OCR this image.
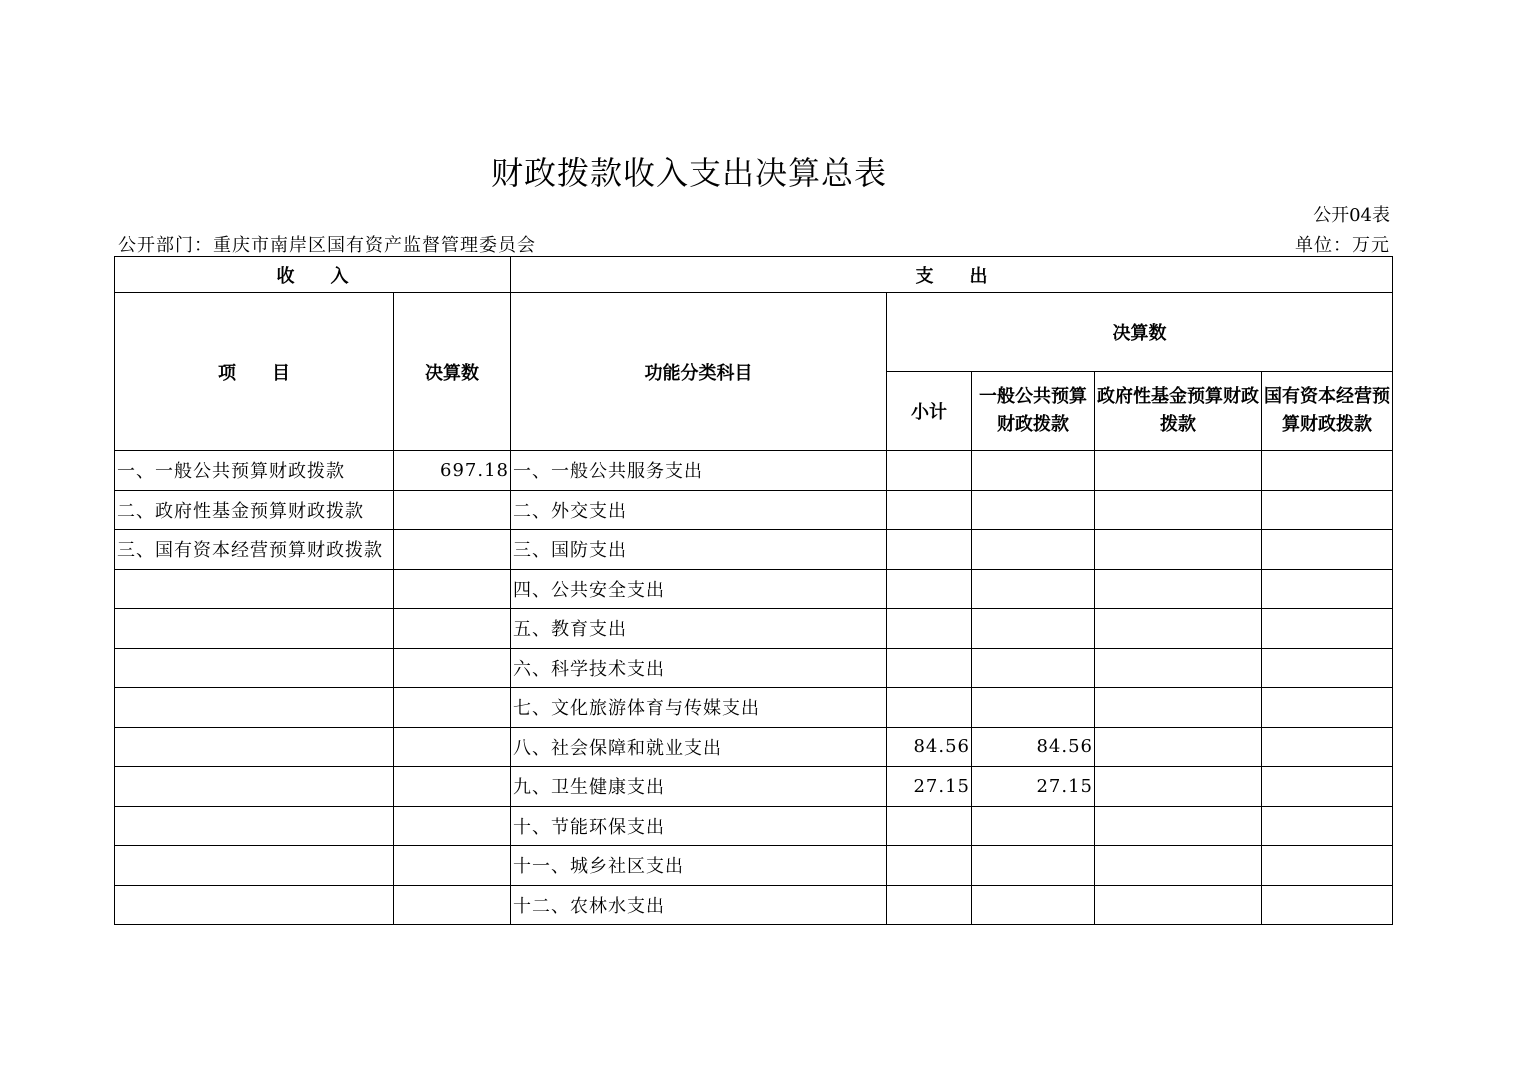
财政拨款收入支出决算总表
公开04表
公开部门：重庆市南岸区国有资产监督管理委员会	单位：万元
收　　入		支　　出				
项　　目	决算数	功能分类科目	决算数			
			小计	一般公共预算财政拨款	政府性基金预算财政拨款	国有资本经营预算财政拨款
一、一般公共预算财政拨款	697.18	一、一般公共服务支出				
二、政府性基金预算财政拨款		二、外交支出				
三、国有资本经营预算财政拨款		三、国防支出				
		四、公共安全支出				
		五、教育支出				
		六、科学技术支出				
		七、文化旅游体育与传媒支出				
		八、社会保障和就业支出	84.56	84.56		
		九、卫生健康支出	27.15	27.15		
		十、节能环保支出				
		十一、城乡社区支出				
		十二、农林水支出				
